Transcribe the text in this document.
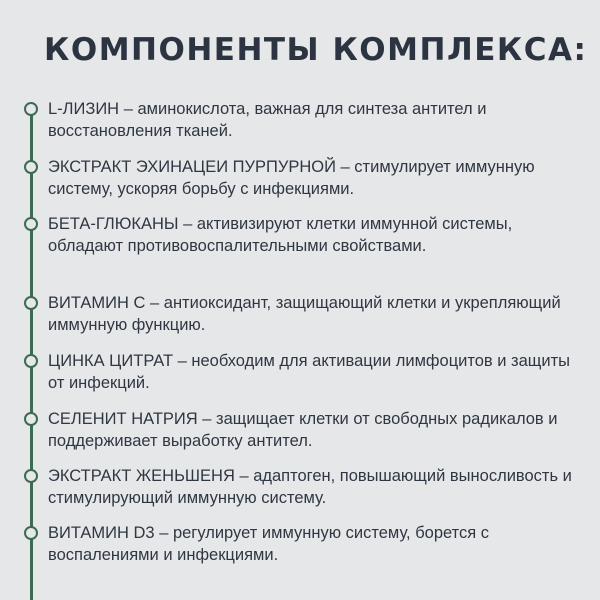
КОМПОНЕНТЫ КОМПЛЕКСА:
L-ЛИЗИН – аминокислота, важная для синтеза антител и восстановления тканей.
ЭКСТРАКТ ЭХИНАЦЕИ ПУРПУРНОЙ – стимулирует иммунную систему, ускоряя борьбу с инфекциями.
БЕТА-ГЛЮКАНЫ – активизируют клетки иммунной системы, обладают противовоспалительными свойствами.
ВИТАМИН С – антиоксидант, защищающий клетки и укрепляющий иммунную функцию.
ЦИНКА ЦИТРАТ – необходим для активации лимфоцитов и защиты от инфекций.
СЕЛЕНИТ НАТРИЯ – защищает клетки от свободных радикалов и поддерживает выработку антител.
ЭКСТРАКТ ЖЕНЬШЕНЯ – адаптоген, повышающий выносливость и стимулирующий иммунную систему.
ВИТАМИН D3 – регулирует иммунную систему, борется с воспалениями и инфекциями.
